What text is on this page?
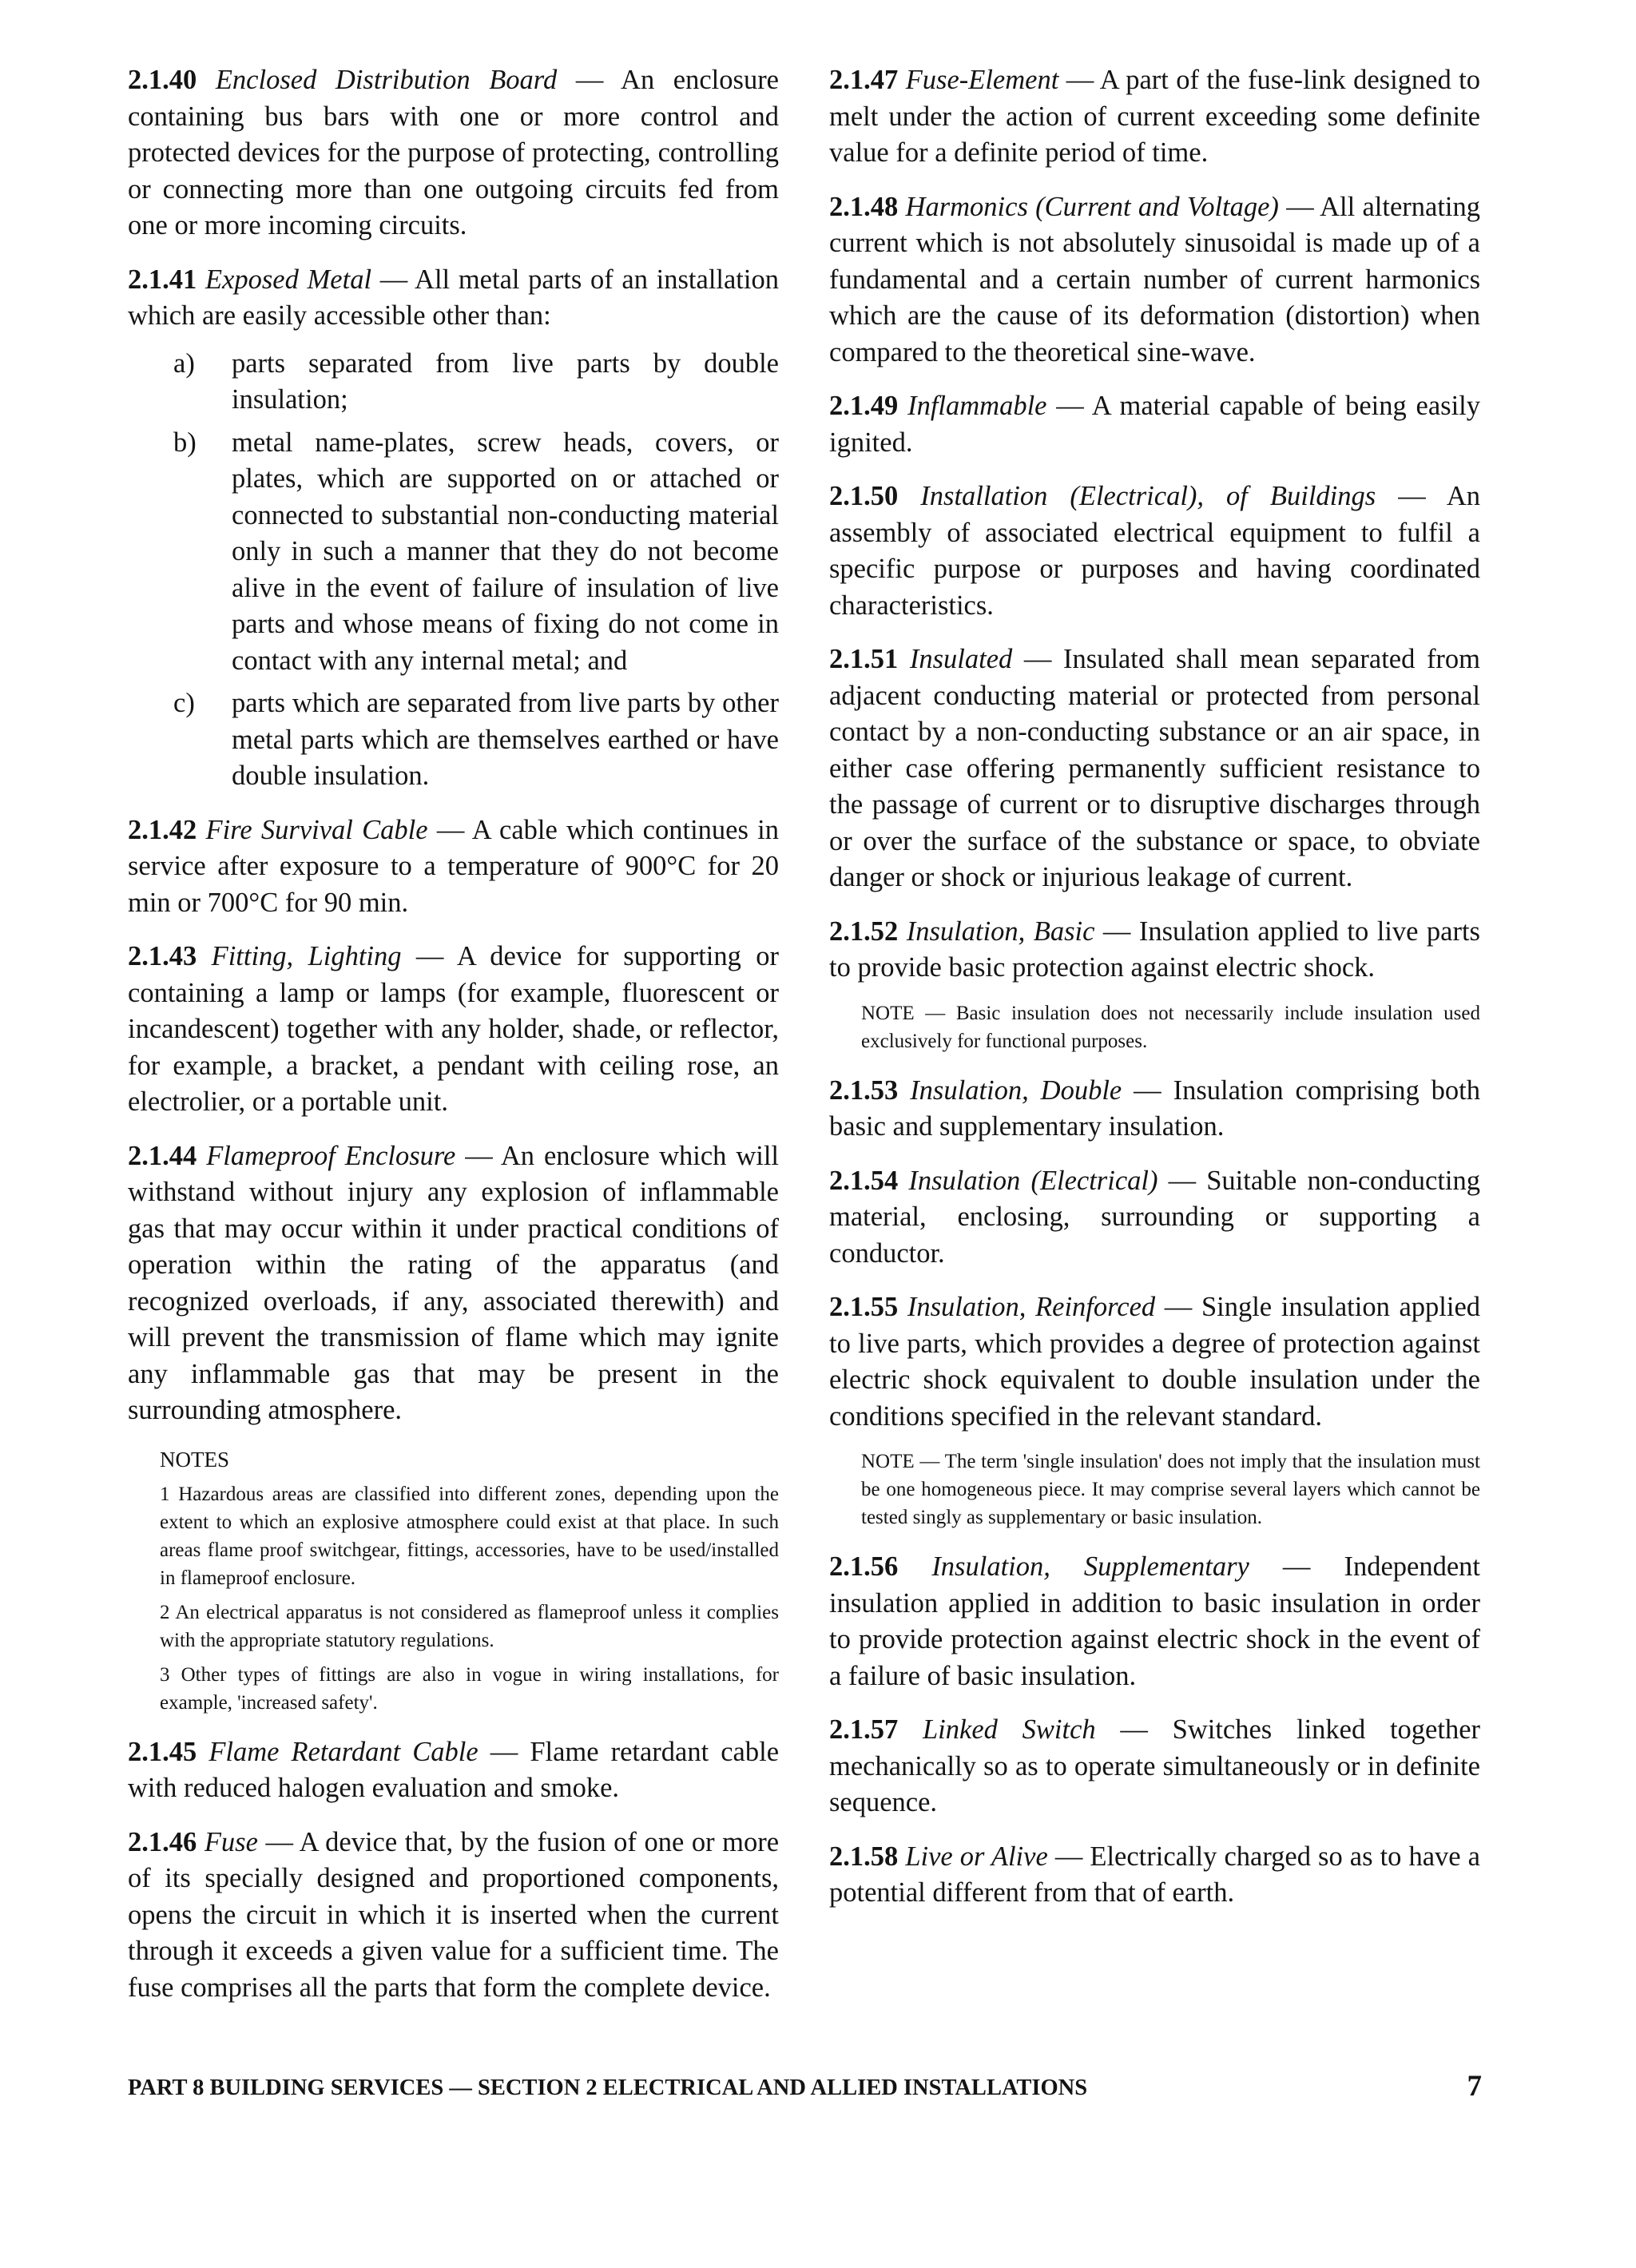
2.1.40 Enclosed Distribution Board — An enclosure containing bus bars with one or more control and protected devices for the purpose of protecting, controlling or connecting more than one outgoing circuits fed from one or more incoming circuits.

2.1.41 Exposed Metal — All metal parts of an installation which are easily accessible other than:

a) parts separated from live parts by double insulation;
b) metal name-plates, screw heads, covers, or plates, which are supported on or attached or connected to substantial non-conducting material only in such a manner that they do not become alive in the event of failure of insulation of live parts and whose means of fixing do not come in contact with any internal metal; and
c) parts which are separated from live parts by other metal parts which are themselves earthed or have double insulation.

2.1.42 Fire Survival Cable — A cable which continues in service after exposure to a temperature of 900°C for 20 min or 700°C for 90 min.

2.1.43 Fitting, Lighting — A device for supporting or containing a lamp or lamps (for example, fluorescent or incandescent) together with any holder, shade, or reflector, for example, a bracket, a pendant with ceiling rose, an electrolier, or a portable unit.

2.1.44 Flameproof Enclosure — An enclosure which will withstand without injury any explosion of inflammable gas that may occur within it under practical conditions of operation within the rating of the apparatus (and recognized overloads, if any, associated therewith) and will prevent the transmission of flame which may ignite any inflammable gas that may be present in the surrounding atmosphere.

NOTES
1 Hazardous areas are classified into different zones, depending upon the extent to which an explosive atmosphere could exist at that place. In such areas flame proof switchgear, fittings, accessories, have to be used/installed in flameproof enclosure.
2 An electrical apparatus is not considered as flameproof unless it complies with the appropriate statutory regulations.
3 Other types of fittings are also in vogue in wiring installations, for example, 'increased safety'.

2.1.45 Flame Retardant Cable — Flame retardant cable with reduced halogen evaluation and smoke.

2.1.46 Fuse — A device that, by the fusion of one or more of its specially designed and proportioned components, opens the circuit in which it is inserted when the current through it exceeds a given value for a sufficient time. The fuse comprises all the parts that form the complete device.

2.1.47 Fuse-Element — A part of the fuse-link designed to melt under the action of current exceeding some definite value for a definite period of time.

2.1.48 Harmonics (Current and Voltage) — All alternating current which is not absolutely sinusoidal is made up of a fundamental and a certain number of current harmonics which are the cause of its deformation (distortion) when compared to the theoretical sine-wave.

2.1.49 Inflammable — A material capable of being easily ignited.

2.1.50 Installation (Electrical), of Buildings — An assembly of associated electrical equipment to fulfil a specific purpose or purposes and having coordinated characteristics.

2.1.51 Insulated — Insulated shall mean separated from adjacent conducting material or protected from personal contact by a non-conducting substance or an air space, in either case offering permanently sufficient resistance to the passage of current or to disruptive discharges through or over the surface of the substance or space, to obviate danger or shock or injurious leakage of current.

2.1.52 Insulation, Basic — Insulation applied to live parts to provide basic protection against electric shock.

NOTE — Basic insulation does not necessarily include insulation used exclusively for functional purposes.

2.1.53 Insulation, Double — Insulation comprising both basic and supplementary insulation.

2.1.54 Insulation (Electrical) — Suitable non-conducting material, enclosing, surrounding or supporting a conductor.

2.1.55 Insulation, Reinforced — Single insulation applied to live parts, which provides a degree of protection against electric shock equivalent to double insulation under the conditions specified in the relevant standard.

NOTE — The term 'single insulation' does not imply that the insulation must be one homogeneous piece. It may comprise several layers which cannot be tested singly as supplementary or basic insulation.

2.1.56 Insulation, Supplementary — Independent insulation applied in addition to basic insulation in order to provide protection against electric shock in the event of a failure of basic insulation.

2.1.57 Linked Switch — Switches linked together mechanically so as to operate simultaneously or in definite sequence.

2.1.58 Live or Alive — Electrically charged so as to have a potential different from that of earth.

PART 8 BUILDING SERVICES — SECTION 2 ELECTRICAL AND ALLIED INSTALLATIONS	7
